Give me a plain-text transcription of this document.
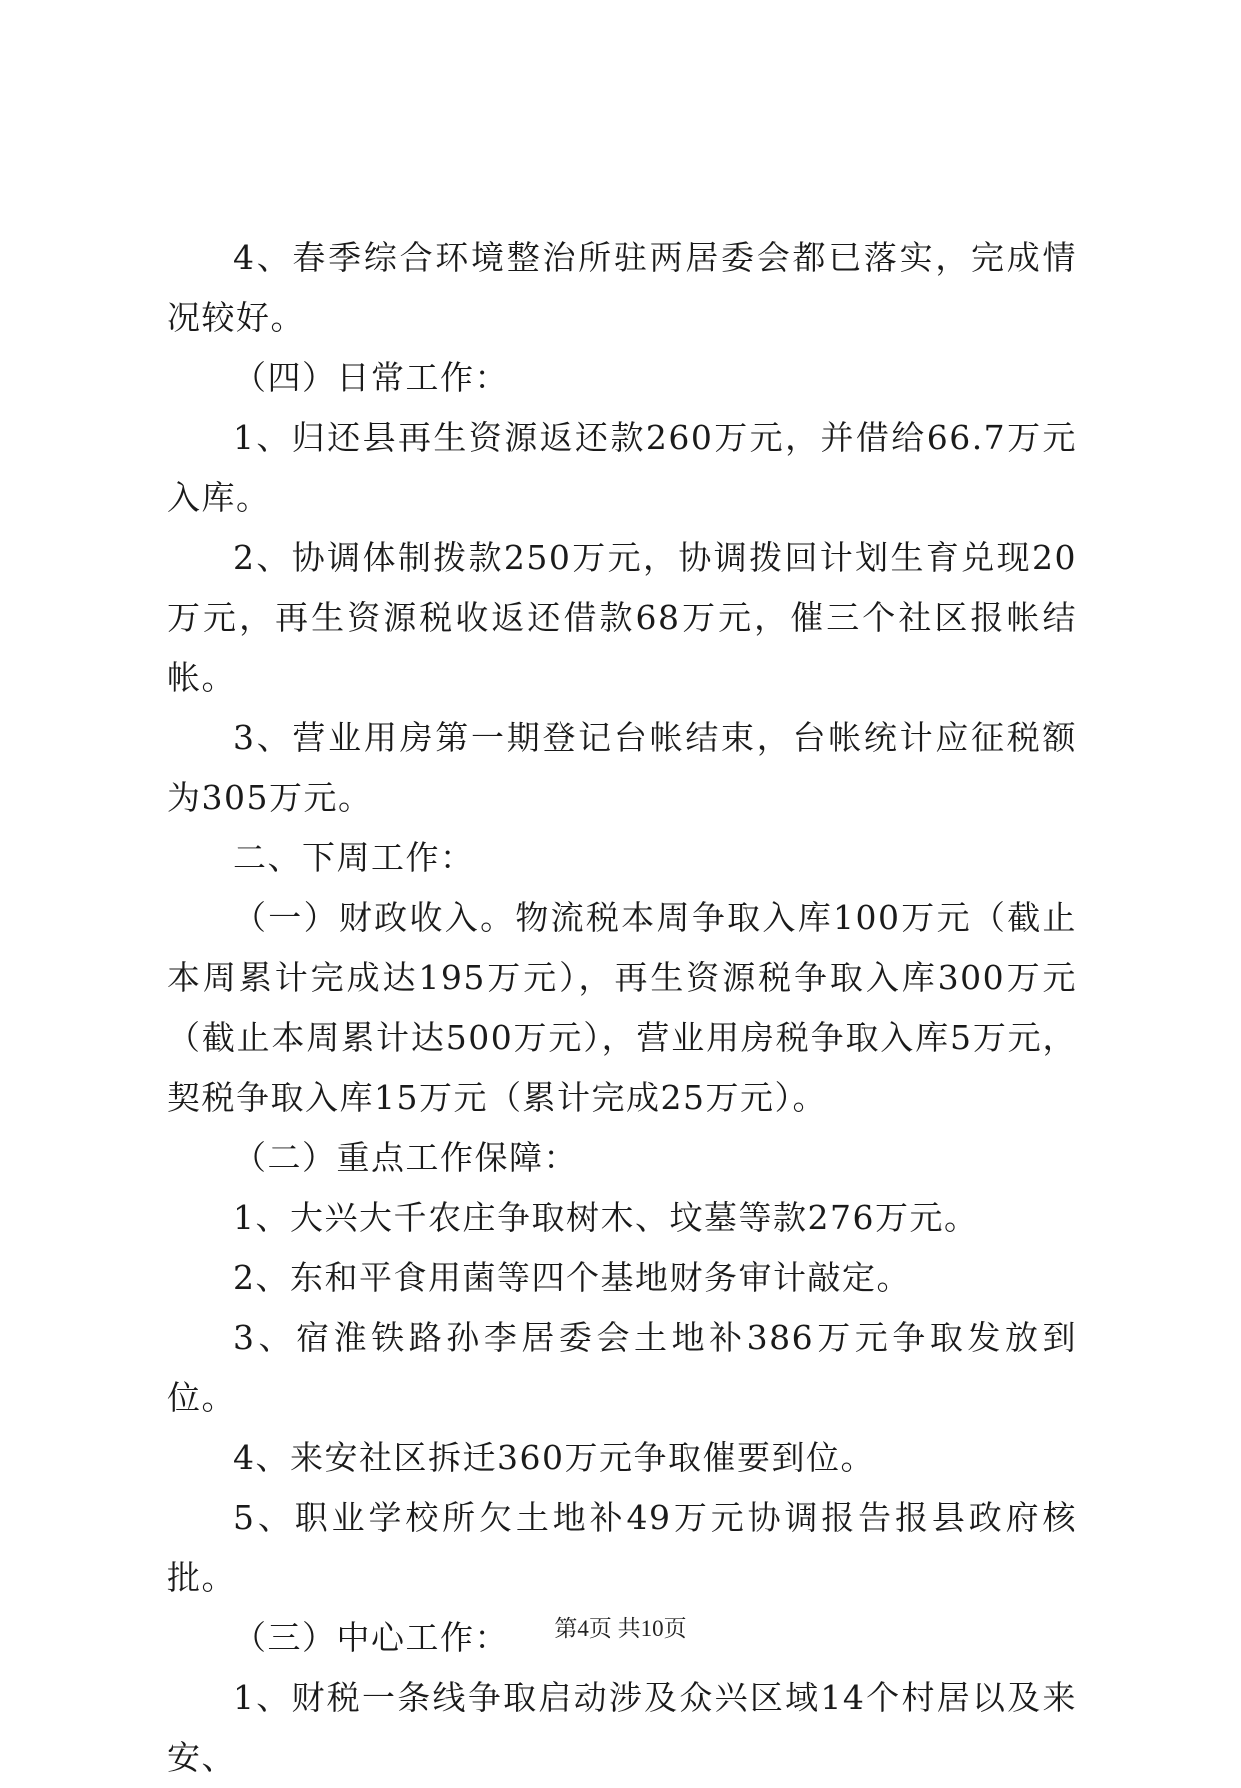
4、春季综合环境整治所驻两居委会都已落实，完成情况较好。

（四）日常工作：

1、归还县再生资源返还款260万元，并借给66.7万元入库。

2、协调体制拨款250万元，协调拨回计划生育兑现20万元，再生资源税收返还借款68万元，催三个社区报帐结帐。

3、营业用房第一期登记台帐结束，台帐统计应征税额为305万元。

二、下周工作：

（一）财政收入。物流税本周争取入库100万元（截止本周累计完成达195万元），再生资源税争取入库300万元（截止本周累计达500万元），营业用房税争取入库5万元，契税争取入库15万元（累计完成25万元）。

（二）重点工作保障：

1、大兴大千农庄争取树木、坟墓等款276万元。

2、东和平食用菌等四个基地财务审计敲定。

3、宿淮铁路孙李居委会土地补386万元争取发放到位。

4、来安社区拆迁360万元争取催要到位。

5、职业学校所欠土地补49万元协调报告报县政府核批。

（三）中心工作：

1、财税一条线争取启动涉及众兴区域14个村居以及来安、

第4页 共10页
